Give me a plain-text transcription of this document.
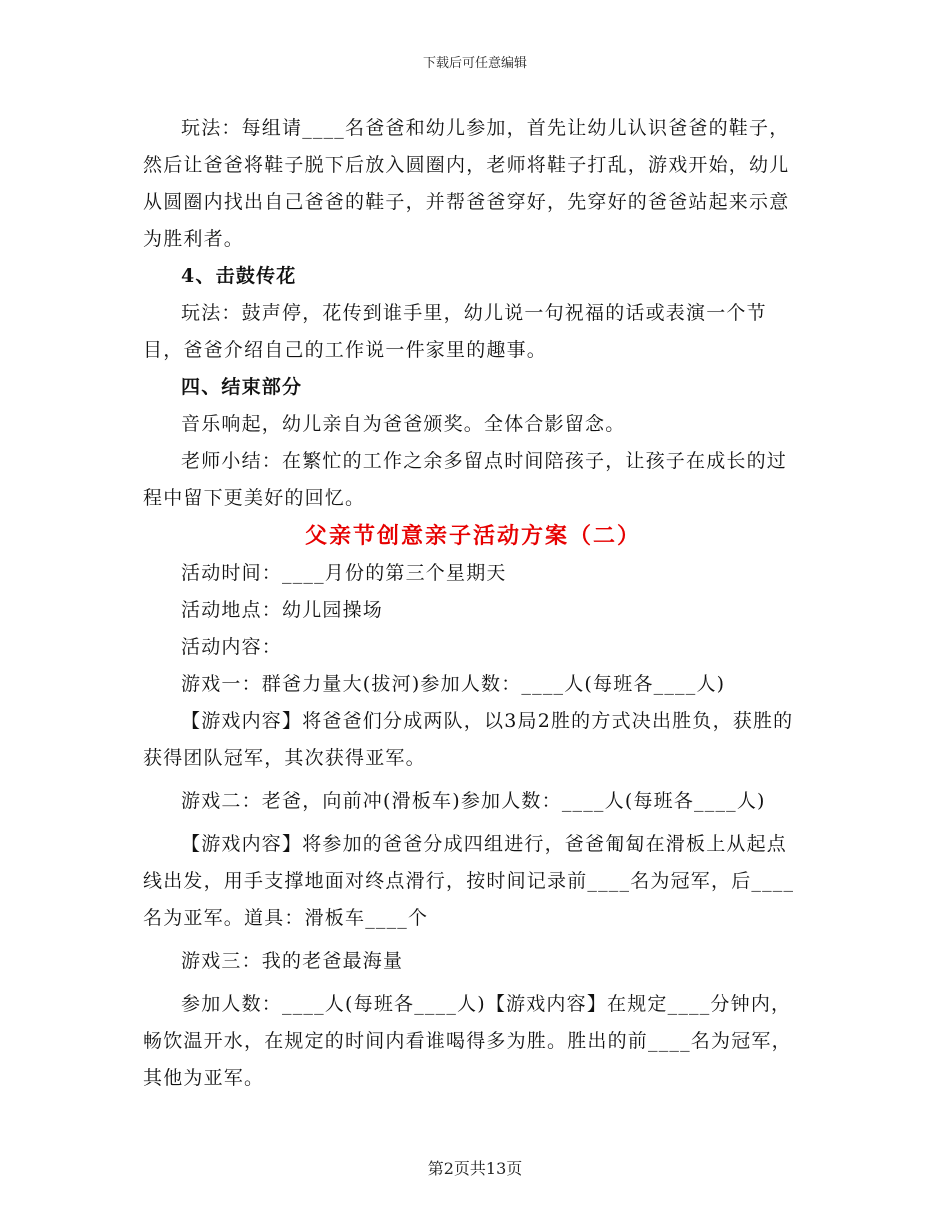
下载后可任意编辑

玩法：每组请____名爸爸和幼儿参加，首先让幼儿认识爸爸的鞋子，然后让爸爸将鞋子脱下后放入圆圈内，老师将鞋子打乱，游戏开始，幼儿从圆圈内找出自己爸爸的鞋子，并帮爸爸穿好，先穿好的爸爸站起来示意为胜利者。

4、击鼓传花

玩法：鼓声停，花传到谁手里，幼儿说一句祝福的话或表演一个节目，爸爸介绍自己的工作说一件家里的趣事。

四、结束部分

音乐响起，幼儿亲自为爸爸颁奖。全体合影留念。

老师小结：在繁忙的工作之余多留点时间陪孩子，让孩子在成长的过程中留下更美好的回忆。

父亲节创意亲子活动方案（二）

活动时间：____月份的第三个星期天

活动地点：幼儿园操场

活动内容：

游戏一：群爸力量大(拔河)参加人数：____人(每班各____人)

【游戏内容】将爸爸们分成两队，以3局2胜的方式决出胜负，获胜的获得团队冠军，其次获得亚军。

游戏二：老爸，向前冲(滑板车)参加人数：____人(每班各____人)

【游戏内容】将参加的爸爸分成四组进行，爸爸匍匐在滑板上从起点线出发，用手支撑地面对终点滑行，按时间记录前____名为冠军，后____名为亚军。道具：滑板车____个

游戏三：我的老爸最海量

参加人数：____人(每班各____人)【游戏内容】在规定____分钟内，畅饮温开水，在规定的时间内看谁喝得多为胜。胜出的前____名为冠军，其他为亚军。

第2页共13页
